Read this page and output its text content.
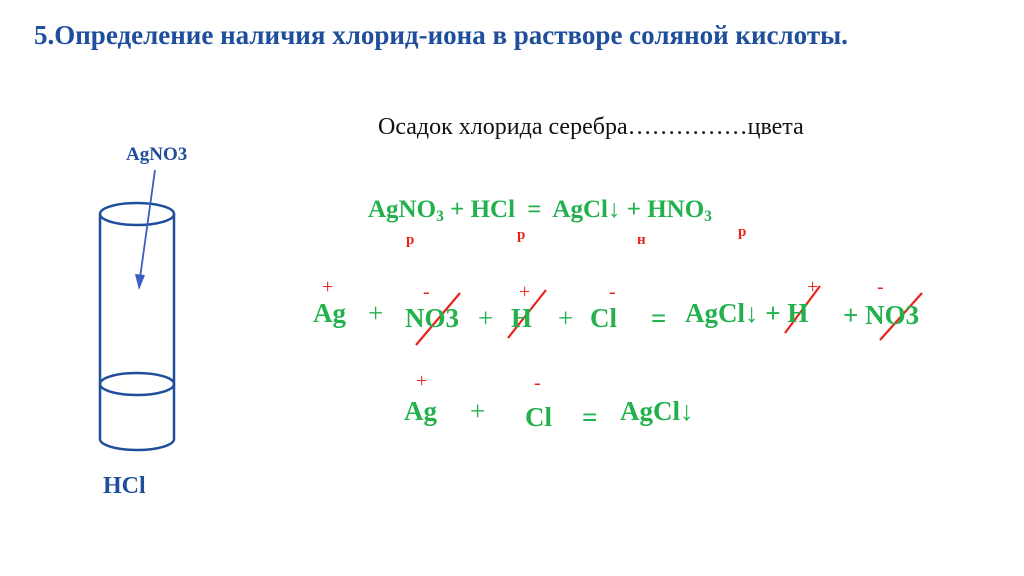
5.Определение наличия хлорид-иона в растворе соляной кислоты.
Осадок хлорида серебра……………цвета
AgNO3
HCl
AgNO$_3$ + HCl = AgCl↓ + $HNO_3$
р	р	н	р
+	-	+	-	+	-
Ag + NO3 + H + Cl = AgCl↓ + H + NO3
+	-
Ag + Cl = AgCl↓
